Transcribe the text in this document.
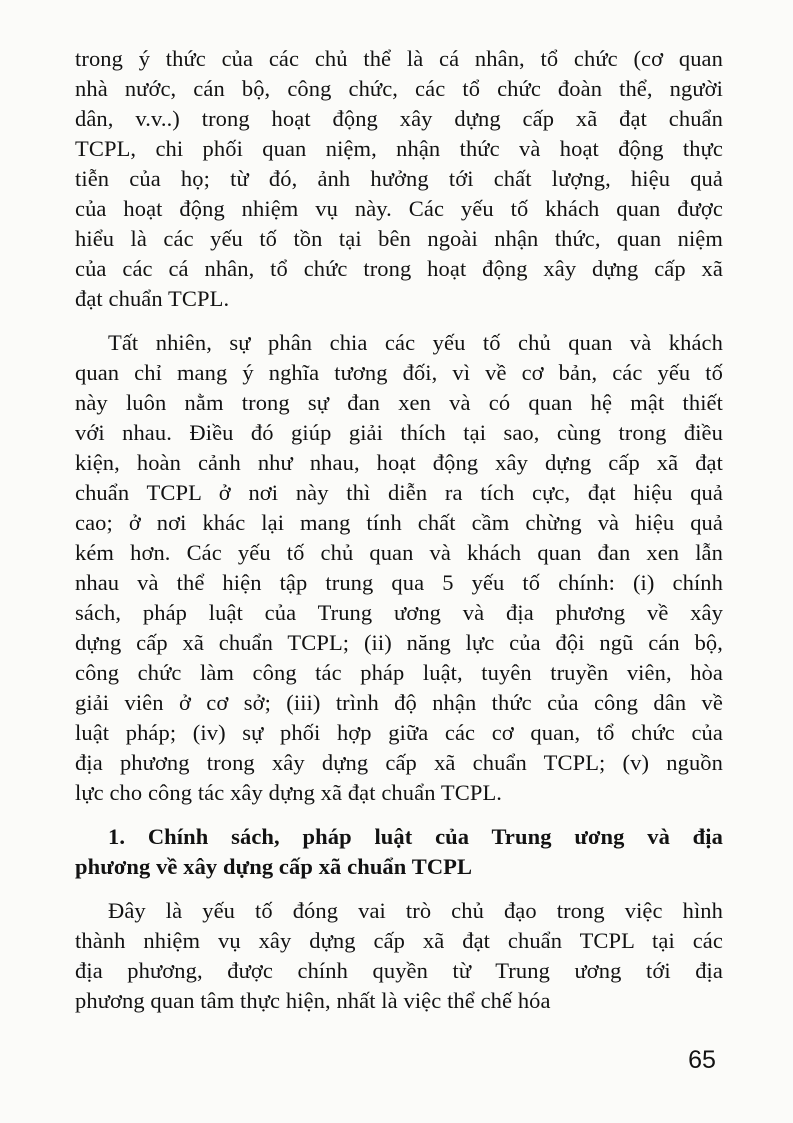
trong ý thức của các chủ thể là cá nhân, tổ chức (cơ quan
nhà nước, cán bộ, công chức, các tổ chức đoàn thể, người
dân, v.v..) trong hoạt động xây dựng cấp xã đạt chuẩn
TCPL, chi phối quan niệm, nhận thức và hoạt động thực
tiễn của họ; từ đó, ảnh hưởng tới chất lượng, hiệu quả
của hoạt động nhiệm vụ này. Các yếu tố khách quan được
hiểu là các yếu tố tồn tại bên ngoài nhận thức, quan niệm
của các cá nhân, tổ chức trong hoạt động xây dựng cấp xã
đạt chuẩn TCPL.
Tất nhiên, sự phân chia các yếu tố chủ quan và khách
quan chỉ mang ý nghĩa tương đối, vì về cơ bản, các yếu tố
này luôn nằm trong sự đan xen và có quan hệ mật thiết
với nhau. Điều đó giúp giải thích tại sao, cùng trong điều
kiện, hoàn cảnh như nhau, hoạt động xây dựng cấp xã đạt
chuẩn TCPL ở nơi này thì diễn ra tích cực, đạt hiệu quả
cao; ở nơi khác lại mang tính chất cầm chừng và hiệu quả
kém hơn. Các yếu tố chủ quan và khách quan đan xen lẫn
nhau và thể hiện tập trung qua 5 yếu tố chính: (i) chính
sách, pháp luật của Trung ương và địa phương về xây
dựng cấp xã chuẩn TCPL; (ii) năng lực của đội ngũ cán bộ,
công chức làm công tác pháp luật, tuyên truyền viên, hòa
giải viên ở cơ sở; (iii) trình độ nhận thức của công dân về
luật pháp; (iv) sự phối hợp giữa các cơ quan, tổ chức của
địa phương trong xây dựng cấp xã chuẩn TCPL; (v) nguồn
lực cho công tác xây dựng xã đạt chuẩn TCPL.
1. Chính sách, pháp luật của Trung ương và địa
phương về xây dựng cấp xã chuẩn TCPL
Đây là yếu tố đóng vai trò chủ đạo trong việc hình
thành nhiệm vụ xây dựng cấp xã đạt chuẩn TCPL tại các
địa phương, được chính quyền từ Trung ương tới địa
phương quan tâm thực hiện, nhất là việc thể chế hóa
65
